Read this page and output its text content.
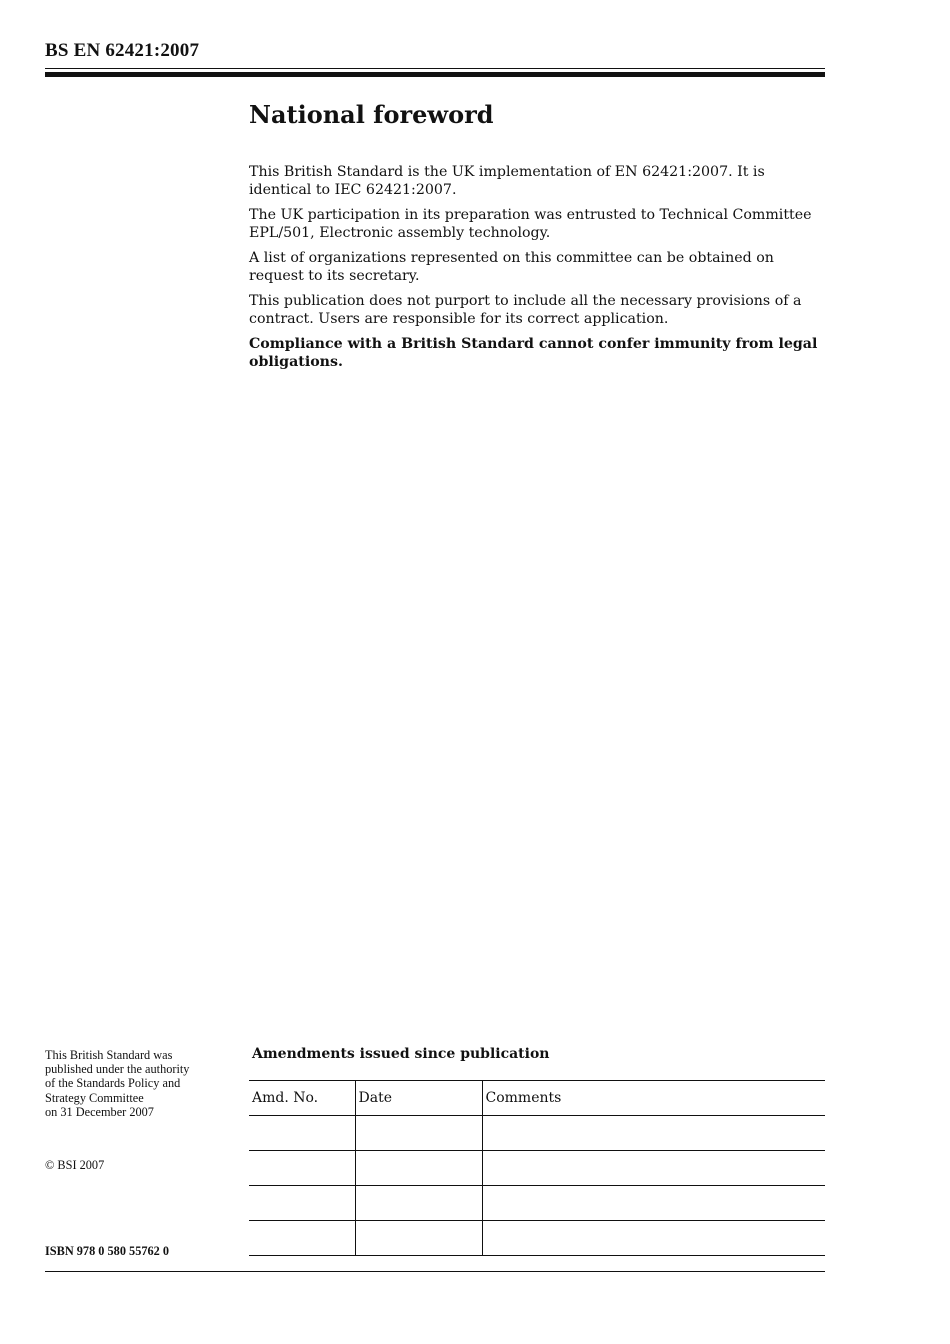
BS EN 62421:2007
National foreword

This British Standard is the UK implementation of EN 62421:2007. It is identical to IEC 62421:2007.

The UK participation in its preparation was entrusted to Technical Committee EPL/501, Electronic assembly technology.

A list of organizations represented on this committee can be obtained on request to its secretary.

This publication does not purport to include all the necessary provisions of a contract. Users are responsible for its correct application.

Compliance with a British Standard cannot confer immunity from legal obligations.

This British Standard was
published under the authority
of the Standards Policy and
Strategy Committee
on 31 December 2007
© BSI 2007
ISBN 978 0 580 55762 0
Amendments issued since publication
Amd. No.	Date	Comments
